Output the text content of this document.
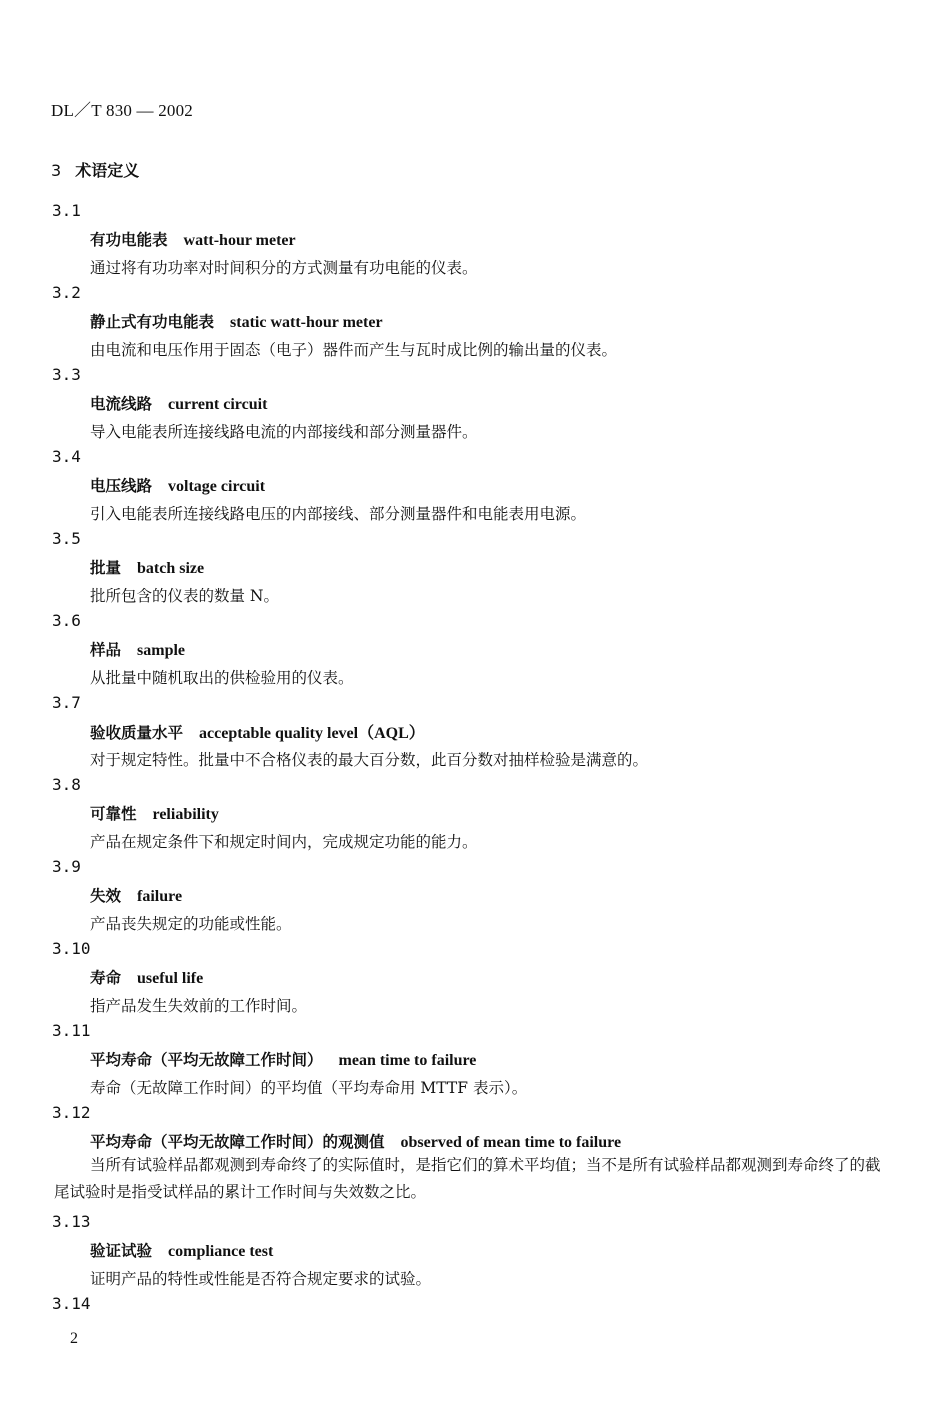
DL／T 830 — 2002
3 术语定义
3.1
有功电能表 watt-hour meter
通过将有功功率对时间积分的方式测量有功电能的仪表。
3.2
静止式有功电能表 static watt-hour meter
由电流和电压作用于固态（电子）器件而产生与瓦时成比例的输出量的仪表。
3.3
电流线路 current circuit
导入电能表所连接线路电流的内部接线和部分测量器件。
3.4
电压线路 voltage circuit
引入电能表所连接线路电压的内部接线、部分测量器件和电能表用电源。
3.5
批量 batch size
批所包含的仪表的数量 N。
3.6
样品 sample
从批量中随机取出的供检验用的仪表。
3.7
验收质量水平 acceptable quality level（AQL）
对于规定特性。批量中不合格仪表的最大百分数，此百分数对抽样检验是满意的。
3.8
可靠性 reliability
产品在规定条件下和规定时间内，完成规定功能的能力。
3.9
失效 failure
产品丧失规定的功能或性能。
3.10
寿命 useful life
指产品发生失效前的工作时间。
3.11
平均寿命（平均无故障工作时间） mean time to failure
寿命（无故障工作时间）的平均值（平均寿命用 MTTF 表示）。
3.12
平均寿命（平均无故障工作时间）的观测值 observed of mean time to failure
当所有试验样品都观测到寿命终了的实际值时，是指它们的算术平均值；当不是所有试验样品都观测到寿命终了的截尾试验时是指受试样品的累计工作时间与失效数之比。
3.13
验证试验 compliance test
证明产品的特性或性能是否符合规定要求的试验。
3.14
2
